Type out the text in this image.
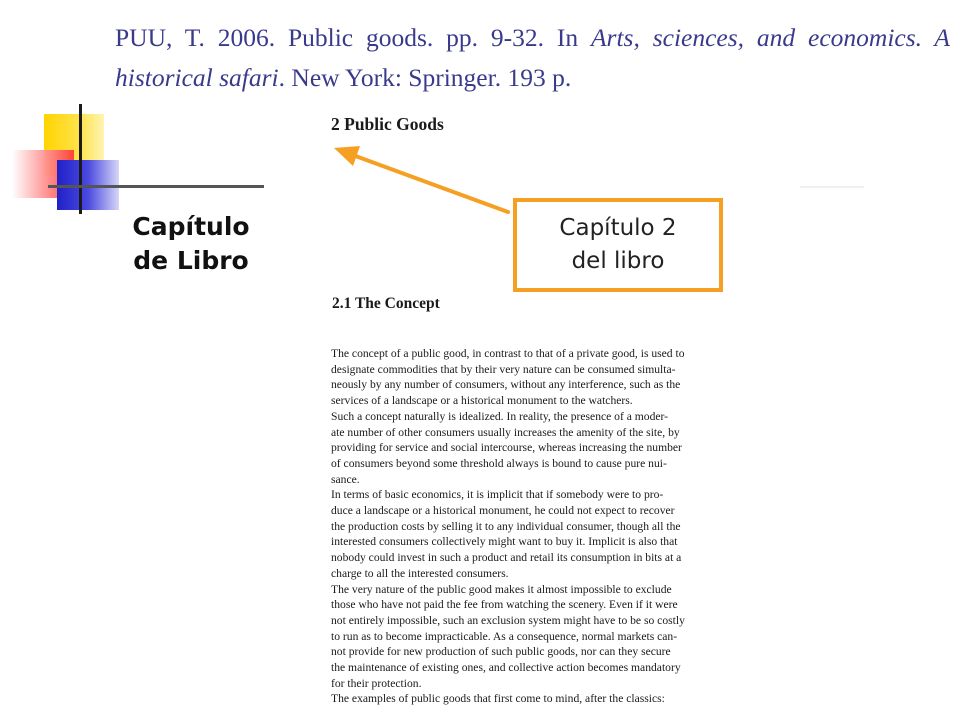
PUU, T. 2006. Public goods. pp. 9-32. In Arts, sciences, and economics. A historical safari. New York: Springer. 193 p.
Capítulo
de Libro
2 Public Goods
2.1 The Concept
The concept of a public good, in contrast to that of a private good, is used to
designate commodities that by their very nature can be consumed simulta-
neously by any number of consumers, without any interference, such as the
services of a landscape or a historical monument to the watchers.
Such a concept naturally is idealized. In reality, the presence of a moder-
ate number of other consumers usually increases the amenity of the site, by
providing for service and social intercourse, whereas increasing the number
of consumers beyond some threshold always is bound to cause pure nui-
sance.
In terms of basic economics, it is implicit that if somebody were to pro-
duce a landscape or a historical monument, he could not expect to recover
the production costs by selling it to any individual consumer, though all the
interested consumers collectively might want to buy it. Implicit is also that
nobody could invest in such a product and retail its consumption in bits at a
charge to all the interested consumers.
The very nature of the public good makes it almost impossible to exclude
those who have not paid the fee from watching the scenery. Even if it were
not entirely impossible, such an exclusion system might have to be so costly
to run as to become impracticable. As a consequence, normal markets can-
not provide for new production of such public goods, nor can they secure
the maintenance of existing ones, and collective action becomes mandatory
for their protection.
The examples of public goods that first come to mind, after the classics:
Capítulo 2
del libro
